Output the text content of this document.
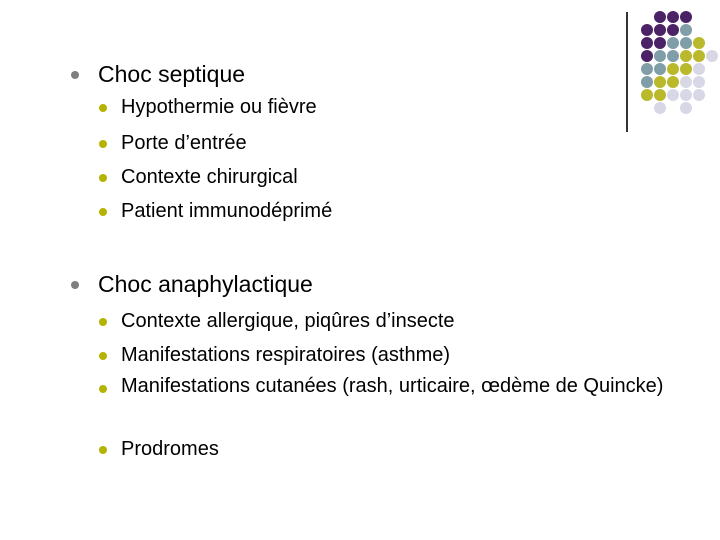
Choc septique
Hypothermie ou fièvre
Porte d’entrée
Contexte chirurgical
Patient immunodéprimé
Choc anaphylactique
Contexte allergique, piqûres d’insecte
Manifestations respiratoires (asthme)
Manifestations cutanées (rash, urticaire, œdème de Quincke)
Prodromes
